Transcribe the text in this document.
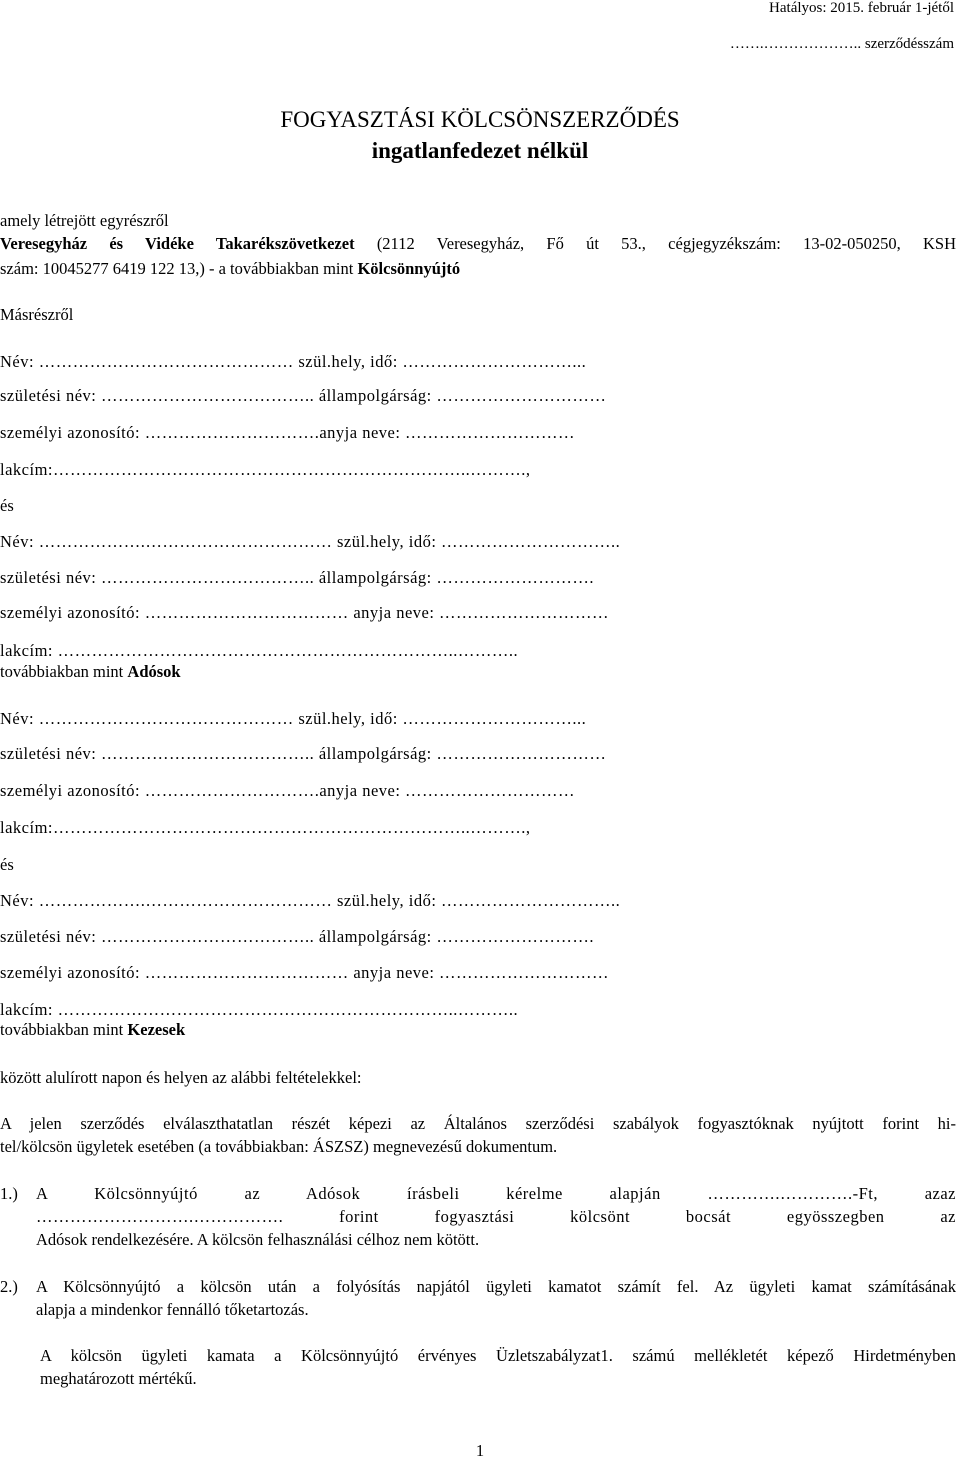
Hatályos: 2015. február 1-jétől
…….……………….. szerződésszám
FOGYASZTÁSI KÖLCSÖNSZERZŐDÉS
ingatlanfedezet nélkül
amely létrejött egyrészről
Veresegyház és Vidéke Takarékszövetkezet (2112 Veresegyház, Fő út 53., cégjegyzékszám: 13-02-050250, KSH
szám: 10045277 6419 122 13,) - a továbbiakban mint Kölcsönnyújtó
Másrészről
Név: ……………………………………… szül.hely, idő: …………………………...
születési név: ……………………………….. állampolgárság: …………………………
személyi azonosító: ………………………….anyja neve: …………………………
lakcím:………………………………………………………………..……….,
és
Név: ……………….…………………………… szül.hely, idő: …………………………..
születési név: ……………………………….. állampolgárság: ……………………….
személyi azonosító: ……………………………… anyja neve: …………………………
lakcím: ……………………………………………………………..………..
továbbiakban mint Adósok
Név: ……………………………………… szül.hely, idő: …………………………...
születési név: ……………………………….. állampolgárság: …………………………
személyi azonosító: ………………………….anyja neve: …………………………
lakcím:………………………………………………………………..……….,
és
Név: ……………….…………………………… szül.hely, idő: …………………………..
születési név: ……………………………….. állampolgárság: ……………………….
személyi azonosító: ……………………………… anyja neve: …………………………
lakcím: ……………………………………………………………..………..
továbbiakban mint Kezesek
között alulírott napon és helyen az alábbi feltételekkel:
A jelen szerződés elválaszthatatlan részét képezi az Általános szerződési szabályok fogyasztóknak nyújtott forint hi-
tel/kölcsön ügyletek esetében (a továbbiakban: ÁSZSZ) megnevezésű dokumentum.
1.) A Kölcsönnyújtó az Adósok írásbeli kérelme alapján ………….………….-Ft, azaz
……………………….……………. forint fogyasztási kölcsönt bocsát egyösszegben az
Adósok rendelkezésére. A kölcsön felhasználási célhoz nem kötött.
2.) A Kölcsönnyújtó a kölcsön után a folyósítás napjától ügyleti kamatot számít fel. Az ügyleti kamat számításának
alapja a mindenkor fennálló tőketartozás.
A kölcsön ügyleti kamata a Kölcsönnyújtó érvényes Üzletszabályzat1. számú mellékletét képező Hirdetményben
meghatározott mértékű.
1
